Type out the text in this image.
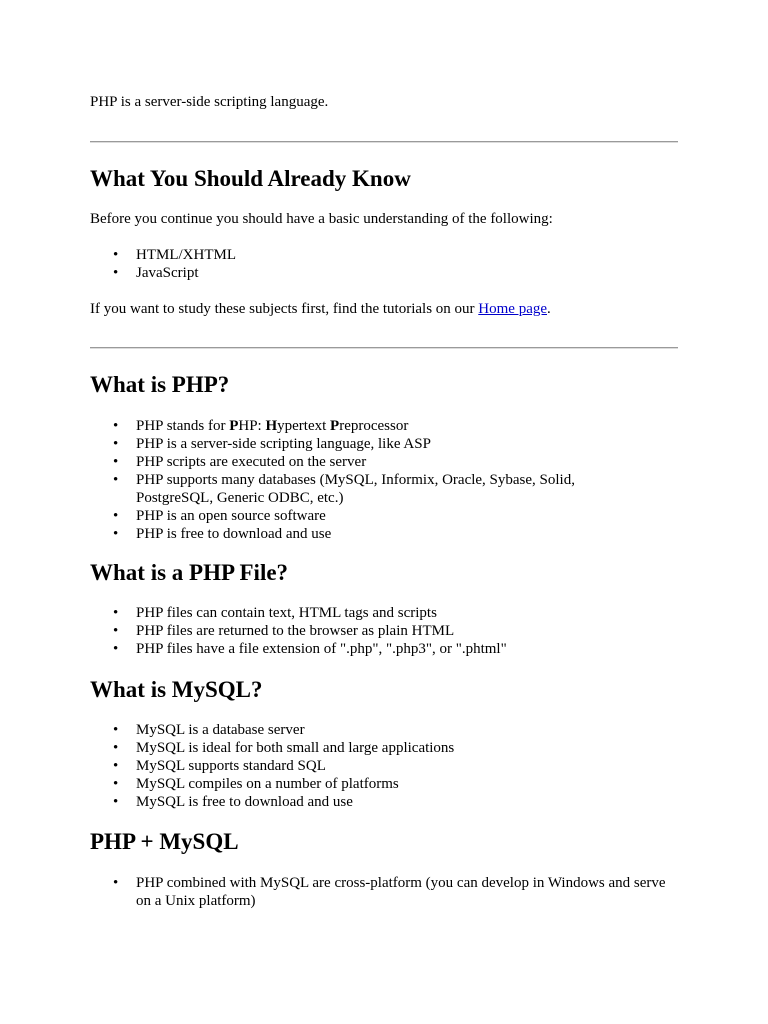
PHP is a server-side scripting language.

What You Should Already Know

Before you continue you should have a basic understanding of the following:

• HTML/XHTML
• JavaScript

If you want to study these subjects first, find the tutorials on our Home page.

What is PHP?
• PHP stands for PHP: Hypertext Preprocessor
• PHP is a server-side scripting language, like ASP
• PHP scripts are executed on the server
• PHP supports many databases (MySQL, Informix, Oracle, Sybase, Solid, PostgreSQL, Generic ODBC, etc.)
• PHP is an open source software
• PHP is free to download and use
What is a PHP File?
• PHP files can contain text, HTML tags and scripts
• PHP files are returned to the browser as plain HTML
• PHP files have a file extension of ".php", ".php3", or ".phtml"
What is MySQL?
• MySQL is a database server
• MySQL is ideal for both small and large applications
• MySQL supports standard SQL
• MySQL compiles on a number of platforms
• MySQL is free to download and use
PHP + MySQL
• PHP combined with MySQL are cross-platform (you can develop in Windows and serve on a Unix platform)
